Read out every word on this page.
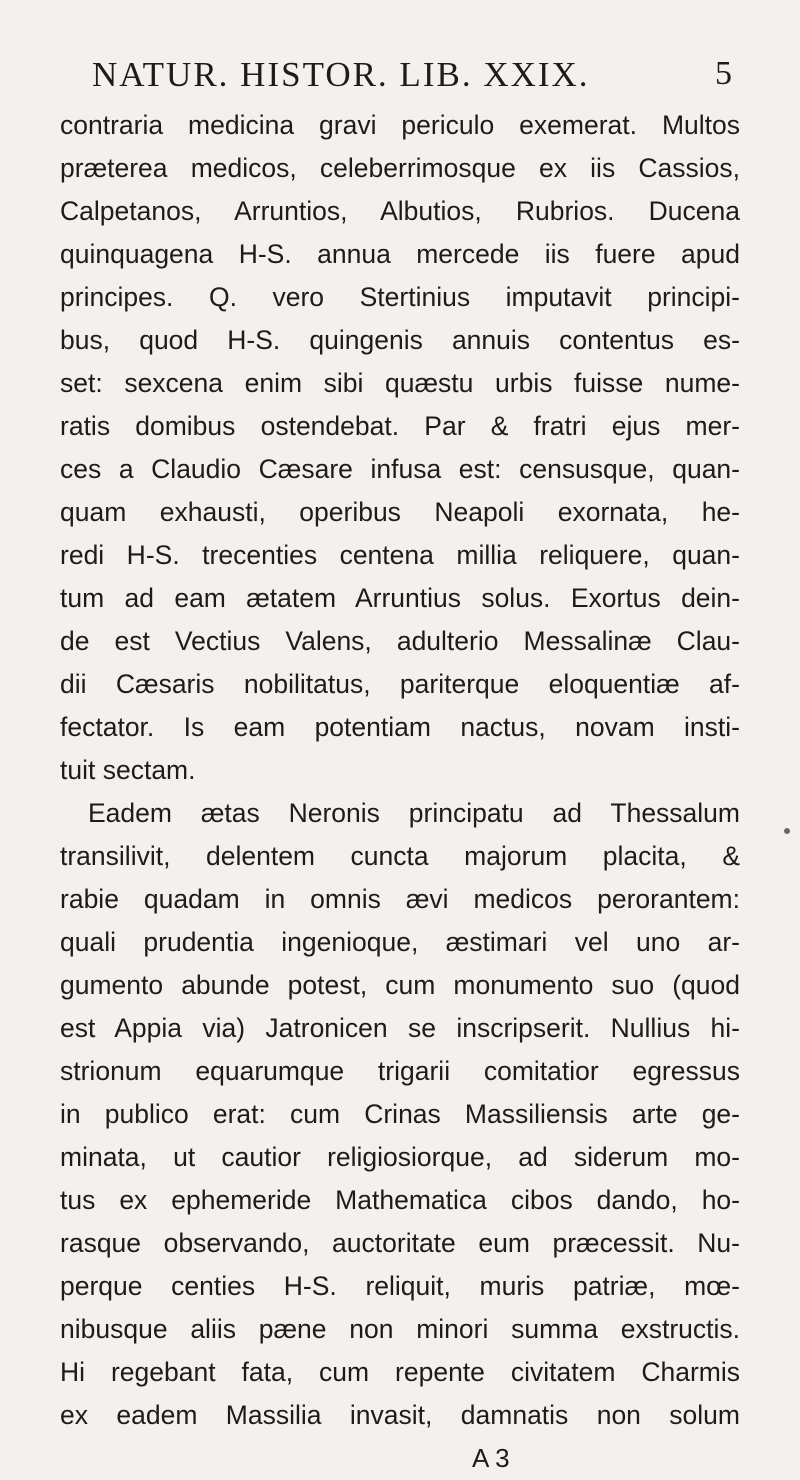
NATUR. HISTOR. LIB. XXIX.	5
contraria medicina gravi periculo exemerat. Multos
præterea medicos, celeberrimosque ex iis Cassios,
Calpetanos, Arruntios, Albutios, Rubrios. Ducena
quinquagena H-S. annua mercede iis fuere apud
principes. Q. vero Stertinius imputavit principi-
bus, quod H-S. quingenis annuis contentus es-
set: sexcena enim sibi quæstu urbis fuisse nume-
ratis domibus ostendebat. Par & fratri ejus mer-
ces a Claudio Cæsare infusa est: censusque, quan-
quam exhausti, operibus Neapoli exornata, he-
redi H-S. trecenties centena millia reliquere, quan-
tum ad eam ætatem Arruntius solus. Exortus dein-
de est Vectius Valens, adulterio Messalinæ Clau-
dii Cæsaris nobilitatus, pariterque eloquentiæ af-
fectator. Is eam potentiam nactus, novam insti-
tuit sectam.
Eadem ætas Neronis principatu ad Thessalum
transilivit, delentem cuncta majorum placita, &
rabie quadam in omnis ævi medicos perorantem:
quali prudentia ingenioque, æstimari vel uno ar-
gumento abunde potest, cum monumento suo (quod
est Appia via) Jatronicen se inscripserit. Nullius hi-
strionum equarumque trigarii comitatior egressus
in publico erat: cum Crinas Massiliensis arte ge-
minata, ut cautior religiosiorque, ad siderum mo-
tus ex ephemeride Mathematica cibos dando, ho-
rasque observando, auctoritate eum præcessit. Nu-
perque centies H-S. reliquit, muris patriæ, mœ-
nibusque aliis pæne non minori summa exstructis.
Hi regebant fata, cum repente civitatem Charmis
ex eadem Massilia invasit, damnatis non solum
A 3
